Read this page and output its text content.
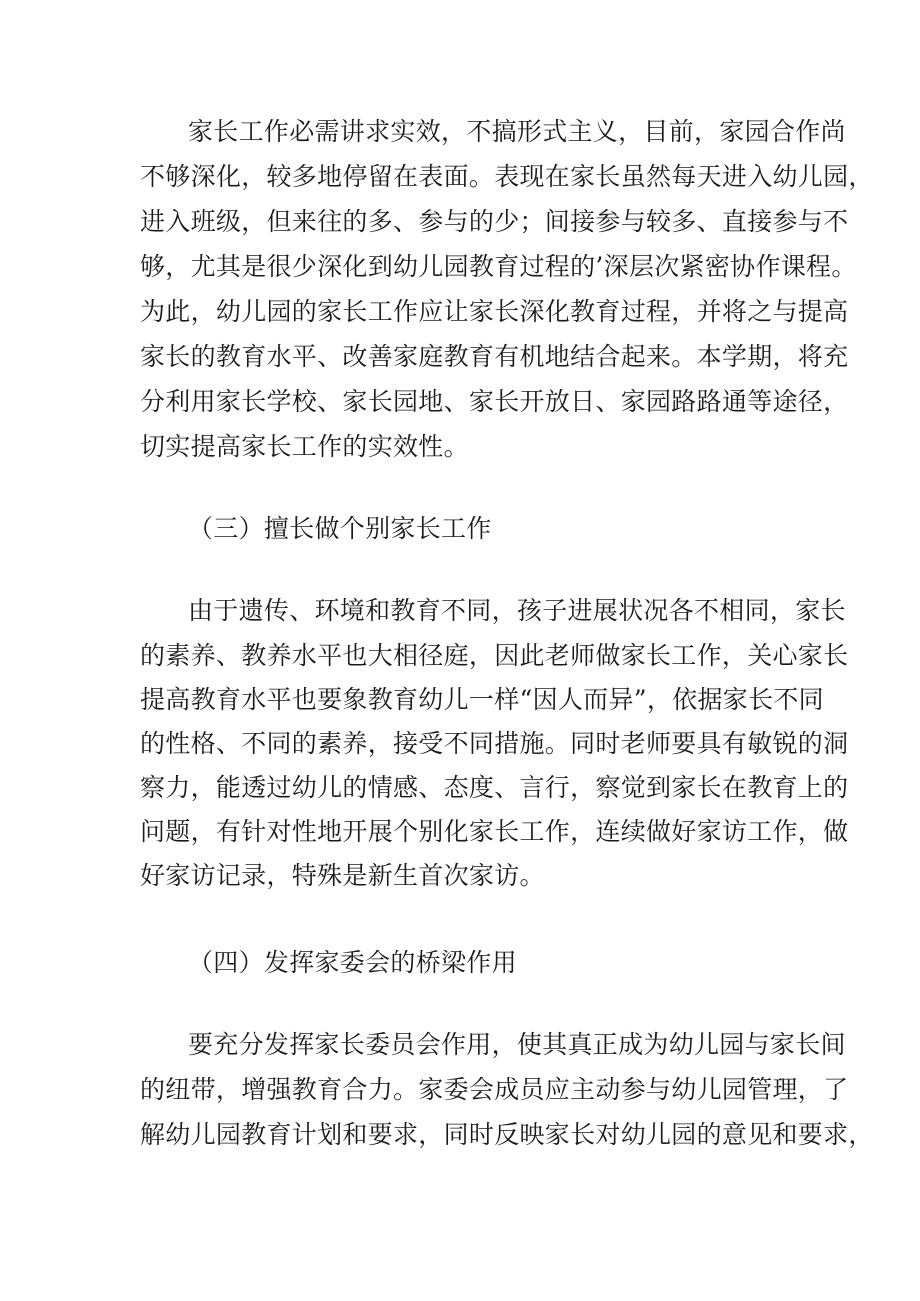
家长工作必需讲求实效，不搞形式主义，目前，家园合作尚
不够深化，较多地停留在表面。表现在家长虽然每天进入幼儿园，
进入班级，但来往的多、参与的少；间接参与较多、直接参与不
够，尤其是很少深化到幼儿园教育过程的’深层次紧密协作课程。
为此，幼儿园的家长工作应让家长深化教育过程，并将之与提高
家长的教育水平、改善家庭教育有机地结合起来。本学期，将充
分利用家长学校、家长园地、家长开放日、家园路路通等途径，
切实提高家长工作的实效性。
（三）擅长做个别家长工作
由于遗传、环境和教育不同，孩子进展状况各不相同，家长
的素养、教养水平也大相径庭，因此老师做家长工作，关心家长
提高教育水平也要象教育幼儿一样“因人而异”，依据家长不同
的性格、不同的素养，接受不同措施。同时老师要具有敏锐的洞
察力，能透过幼儿的情感、态度、言行，察觉到家长在教育上的
问题，有针对性地开展个别化家长工作，连续做好家访工作，做
好家访记录，特殊是新生首次家访。
（四）发挥家委会的桥梁作用
要充分发挥家长委员会作用，使其真正成为幼儿园与家长间
的纽带，增强教育合力。家委会成员应主动参与幼儿园管理，了
解幼儿园教育计划和要求，同时反映家长对幼儿园的意见和要求，
